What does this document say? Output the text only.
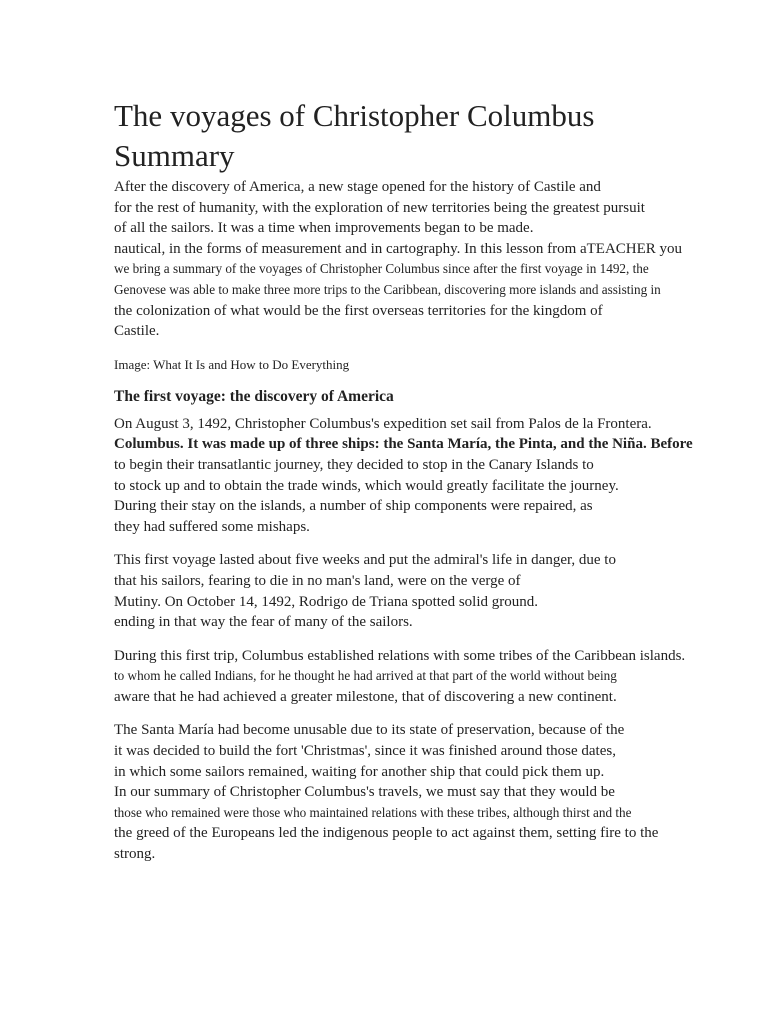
The voyages of Christopher Columbus Summary
After the discovery of America, a new stage opened for the history of Castile and
for the rest of humanity, with the exploration of new territories being the greatest pursuit
of all the sailors. It was a time when improvements began to be made.
nautical, in the forms of measurement and in cartography. In this lesson from aTEACHER you
we bring a summary of the voyages of Christopher Columbus since after the first voyage in 1492, the
Genovese was able to make three more trips to the Caribbean, discovering more islands and assisting in
the colonization of what would be the first overseas territories for the kingdom of
Castile.
Image: What It Is and How to Do Everything
The first voyage: the discovery of America
On August 3, 1492, Christopher Columbus's expedition set sail from Palos de la Frontera.
Columbus. It was made up of three ships: the Santa María, the Pinta, and the Niña. Before
to begin their transatlantic journey, they decided to stop in the Canary Islands to
to stock up and to obtain the trade winds, which would greatly facilitate the journey.
During their stay on the islands, a number of ship components were repaired, as
they had suffered some mishaps.
This first voyage lasted about five weeks and put the admiral's life in danger, due to
that his sailors, fearing to die in no man's land, were on the verge of
Mutiny. On October 14, 1492, Rodrigo de Triana spotted solid ground.
ending in that way the fear of many of the sailors.
During this first trip, Columbus established relations with some tribes of the Caribbean islands.
to whom he called Indians, for he thought he had arrived at that part of the world without being
aware that he had achieved a greater milestone, that of discovering a new continent.
The Santa María had become unusable due to its state of preservation, because of the
it was decided to build the fort 'Christmas', since it was finished around those dates,
in which some sailors remained, waiting for another ship that could pick them up.
In our summary of Christopher Columbus's travels, we must say that they would be
those who remained were those who maintained relations with these tribes, although thirst and the
the greed of the Europeans led the indigenous people to act against them, setting fire to the
strong.
